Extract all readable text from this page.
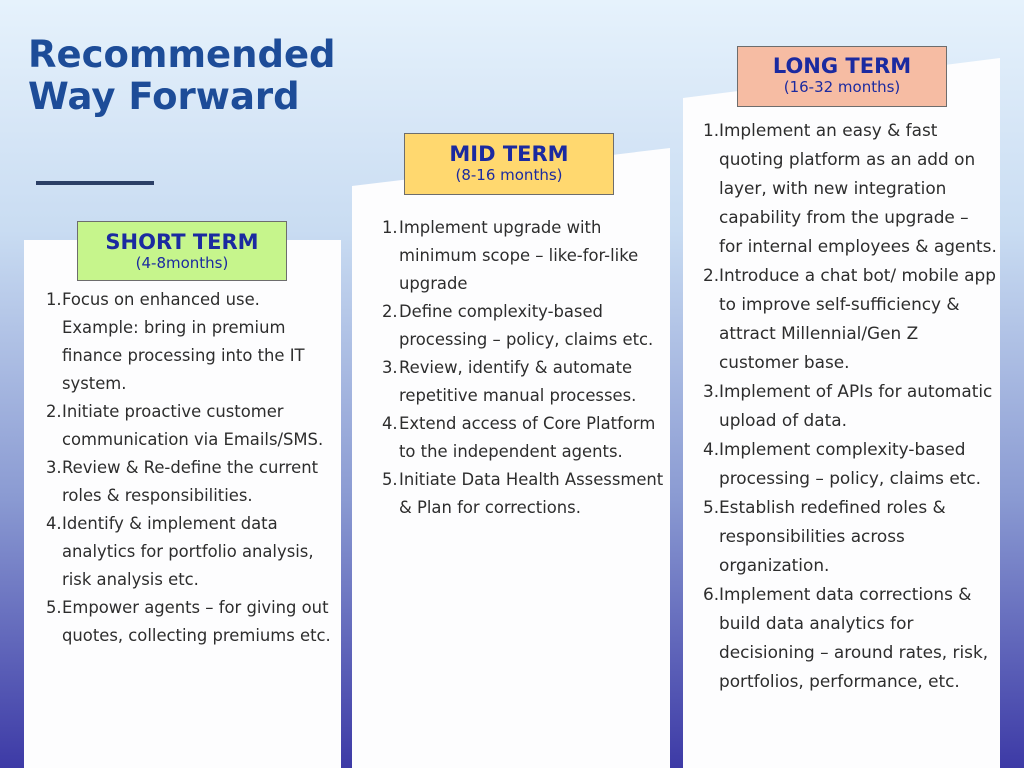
Recommended Way Forward
SHORT TERM
(4-8months)
MID TERM
(8-16 months)
LONG TERM
(16-32 months)
1. Focus on enhanced use. Example: bring in premium finance processing into the IT system.
2. Initiate proactive customer communication via Emails/SMS.
3. Review & Re-define the current roles & responsibilities.
4. Identify & implement data analytics for portfolio analysis, risk analysis etc.
5. Empower agents – for giving out quotes, collecting premiums etc.
1. Implement upgrade with minimum scope – like-for-like upgrade
2. Define complexity-based processing – policy, claims etc.
3. Review, identify & automate repetitive manual processes.
4. Extend access of Core Platform to the independent agents.
5. Initiate Data Health Assessment & Plan for corrections.
1. Implement an easy & fast quoting platform as an add on layer, with new integration capability from the upgrade – for internal employees & agents.
2. Introduce a chat bot/ mobile app to improve self-sufficiency & attract Millennial/Gen Z customer base.
3. Implement of APIs for automatic upload of data.
4. Implement complexity-based processing – policy, claims etc.
5. Establish redefined roles & responsibilities across organization.
6. Implement data corrections & build data analytics for decisioning – around rates, risk, portfolios, performance, etc.
